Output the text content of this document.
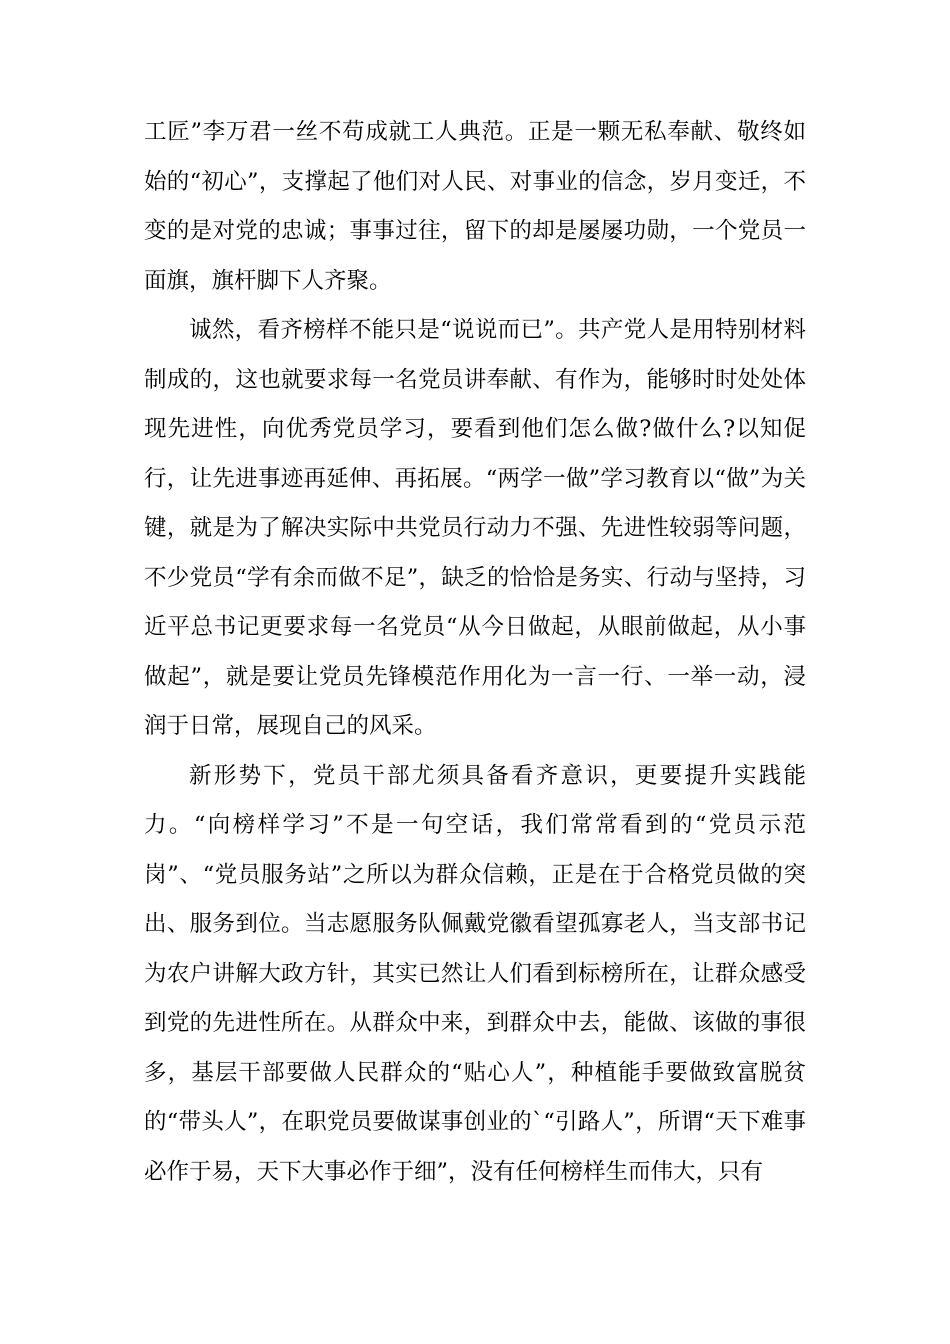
工匠”李万君一丝不苟成就工人典范。正是一颗无私奉献、敬终如始的“初心”，支撑起了他们对人民、对事业的信念，岁月变迁，不变的是对党的忠诚；事事过往，留下的却是屡屡功勋，一个党员一面旗，旗杆脚下人齐聚。

诚然，看齐榜样不能只是“说说而已”。共产党人是用特别材料制成的，这也就要求每一名党员讲奉献、有作为，能够时时处处体现先进性，向优秀党员学习，要看到他们怎么做?做什么?以知促行，让先进事迹再延伸、再拓展。“两学一做”学习教育以“做”为关键，就是为了解决实际中共党员行动力不强、先进性较弱等问题，不少党员“学有余而做不足”，缺乏的恰恰是务实、行动与坚持，习近平总书记更要求每一名党员“从今日做起，从眼前做起，从小事做起”，就是要让党员先锋模范作用化为一言一行、一举一动，浸润于日常，展现自己的风采。

新形势下，党员干部尤须具备看齐意识，更要提升实践能力。“向榜样学习”不是一句空话，我们常常看到的“党员示范岗”、“党员服务站”之所以为群众信赖，正是在于合格党员做的突出、服务到位。当志愿服务队佩戴党徽看望孤寡老人，当支部书记为农户讲解大政方针，其实已然让人们看到标榜所在，让群众感受到党的先进性所在。从群众中来，到群众中去，能做、该做的事很多，基层干部要做人民群众的“贴心人”，种植能手要做致富脱贫的“带头人”，在职党员要做谋事创业的`“引路人”，所谓“天下难事必作于易，天下大事必作于细”，没有任何榜样生而伟大，只有
